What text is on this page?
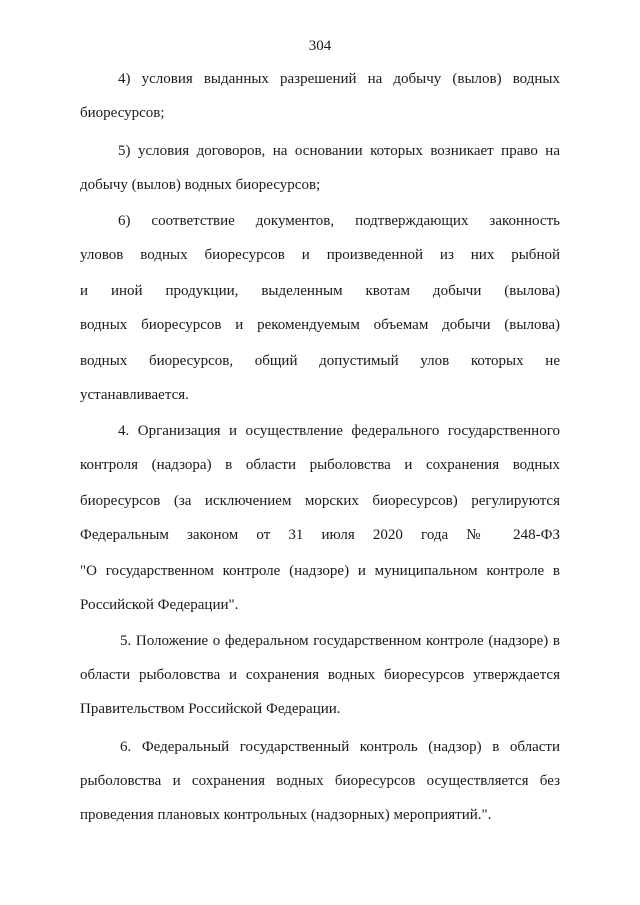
304
4) условия выданных разрешений на добычу (вылов) водных
биоресурсов;
5) условия договоров, на основании которых возникает право на
добычу (вылов) водных биоресурсов;
6) соответствие документов, подтверждающих законность
уловов водных биоресурсов и произведенной из них рыбной
и иной продукции, выделенным квотам добычи (вылова)
водных биоресурсов и рекомендуемым объемам добычи (вылова)
водных биоресурсов, общий допустимый улов которых не
устанавливается.
4. Организация и осуществление федерального государственного
контроля (надзора) в области рыболовства и сохранения водных
биоресурсов (за исключением морских биоресурсов) регулируются
Федеральным законом от 31 июля 2020 года № 248-ФЗ
"О государственном контроле (надзоре) и муниципальном контроле в
Российской Федерации".
5. Положение о федеральном государственном контроле (надзоре) в
области рыболовства и сохранения водных биоресурсов утверждается
Правительством Российской Федерации.
6. Федеральный государственный контроль (надзор) в области
рыболовства и сохранения водных биоресурсов осуществляется без
проведения плановых контрольных (надзорных) мероприятий.".
